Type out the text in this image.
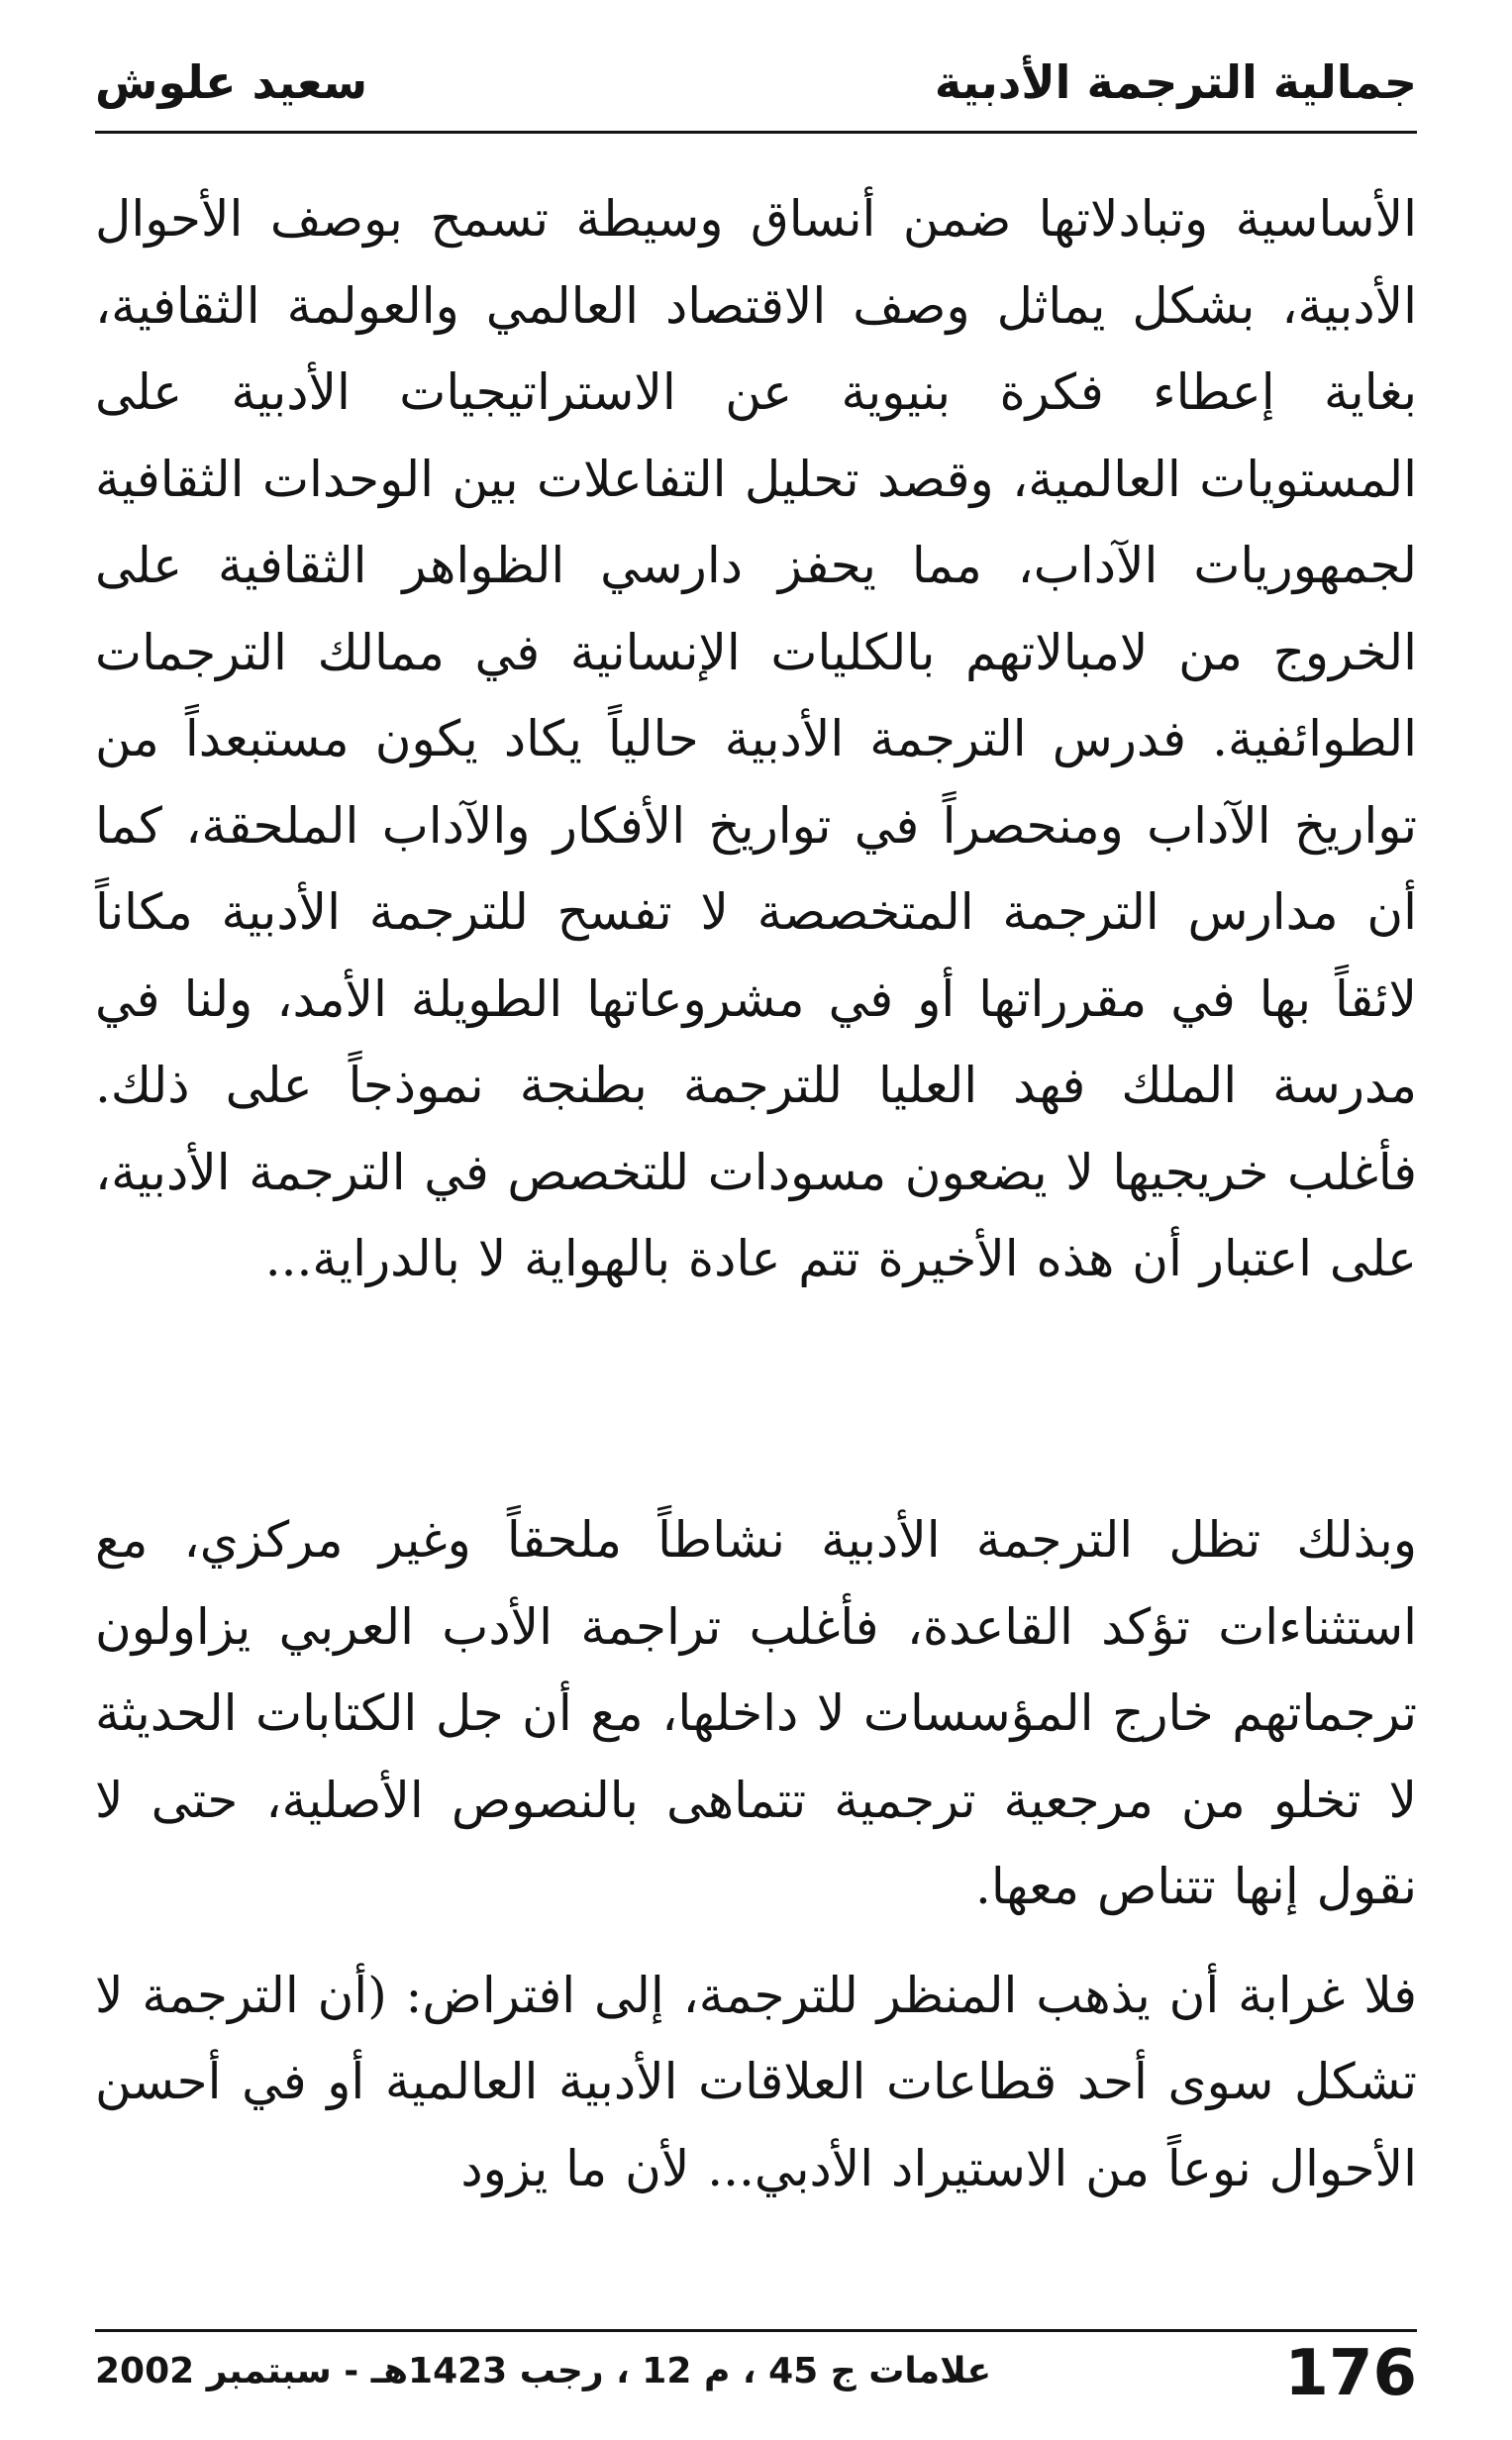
جمالية الترجمة الأدبية
سعيد علوش

الأساسية وتبادلاتها ضمن أنساق وسيطة تسمح بوصف الأحوال الأدبية، بشكل يماثل وصف الاقتصاد العالمي والعولمة الثقافية، بغاية إعطاء فكرة بنيوية عن الاستراتيجيات الأدبية على المستويات العالمية، وقصد تحليل التفاعلات بين الوحدات الثقافية لجمهوريات الآداب، مما يحفز دارسي الظواهر الثقافية على الخروج من لامبالاتهم بالكليات الإنسانية في ممالك الترجمات الطوائفية. فدرس الترجمة الأدبية حالياً يكاد يكون مستبعداً من تواريخ الآداب ومنحصراً في تواريخ الأفكار والآداب الملحقة، كما أن مدارس الترجمة المتخصصة لا تفسح للترجمة الأدبية مكاناً لائقاً بها في مقرراتها أو في مشروعاتها الطويلة الأمد، ولنا في مدرسة الملك فهد العليا للترجمة بطنجة نموذجاً على ذلك. فأغلب خريجيها لا يضعون مسودات للتخصص في الترجمة الأدبية، على اعتبار أن هذه الأخيرة تتم عادة بالهواية لا بالدراية...

وبذلك تظل الترجمة الأدبية نشاطاً ملحقاً وغير مركزي، مع استثناءات تؤكد القاعدة، فأغلب تراجمة الأدب العربي يزاولون ترجماتهم خارج المؤسسات لا داخلها، مع أن جل الكتابات الحديثة لا تخلو من مرجعية ترجمية تتماهى بالنصوص الأصلية، حتى لا نقول إنها تتناص معها.

فلا غرابة أن يذهب المنظر للترجمة، إلى افتراض: (أن الترجمة لا تشكل سوى أحد قطاعات العلاقات الأدبية العالمية أو في أحسن الأحوال نوعاً من الاستيراد الأدبي... لأن ما يزود

176
علامات ج 45 ، م 12 ، رجب 1423هـ - سبتمبر 2002
